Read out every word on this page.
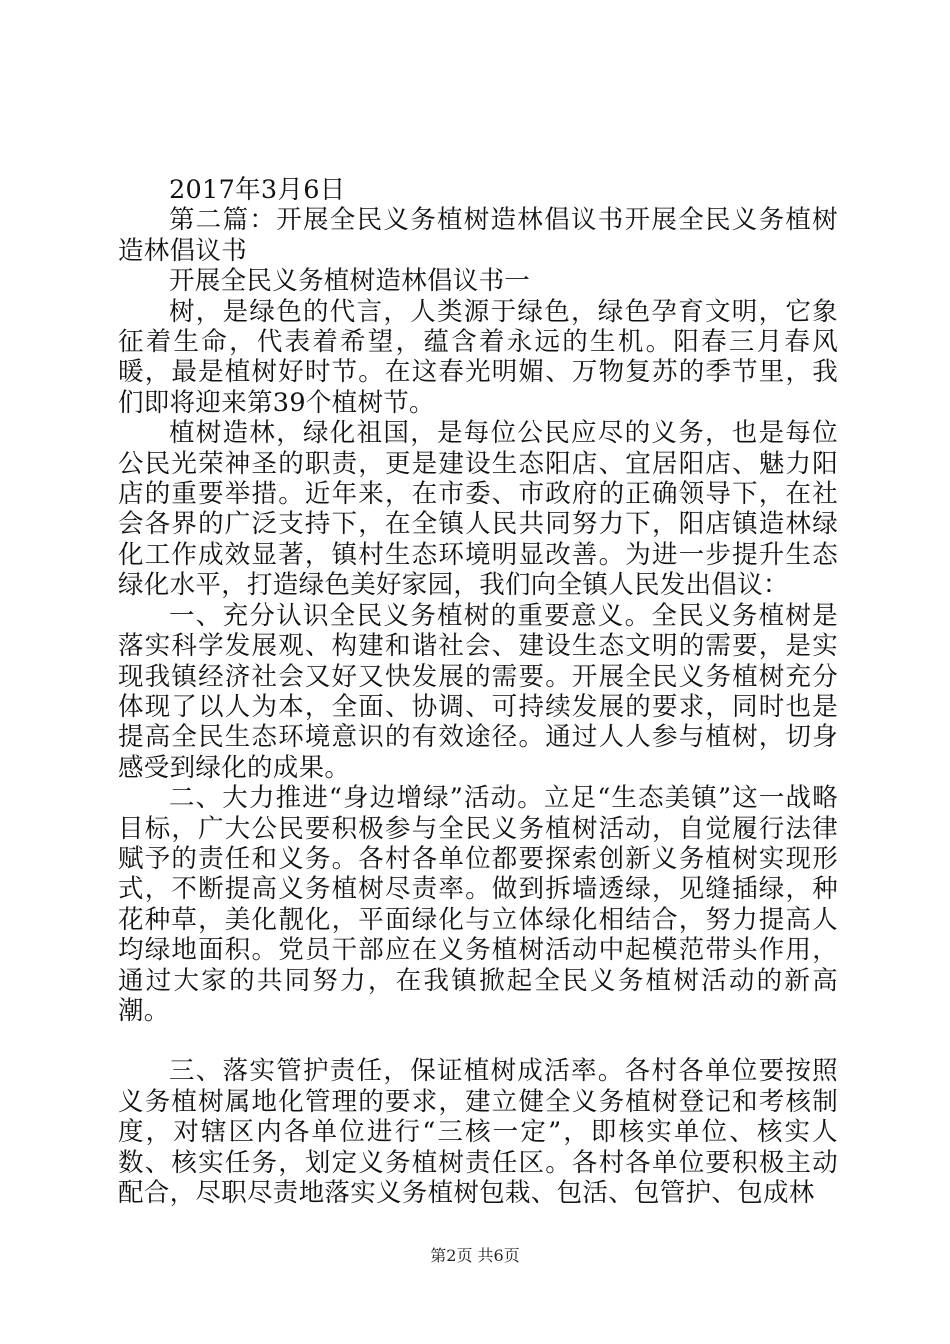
2017年3月6日

第二篇：开展全民义务植树造林倡议书开展全民义务植树造林倡议书

开展全民义务植树造林倡议书一

树，是绿色的代言，人类源于绿色，绿色孕育文明，它象征着生命，代表着希望，蕴含着永远的生机。阳春三月春风暖，最是植树好时节。在这春光明媚、万物复苏的季节里，我们即将迎来第39个植树节。

植树造林，绿化祖国，是每位公民应尽的义务，也是每位公民光荣神圣的职责，更是建设生态阳店、宜居阳店、魅力阳店的重要举措。近年来，在市委、市政府的正确领导下，在社会各界的广泛支持下，在全镇人民共同努力下，阳店镇造林绿化工作成效显著，镇村生态环境明显改善。为进一步提升生态绿化水平，打造绿色美好家园，我们向全镇人民发出倡议：

一、充分认识全民义务植树的重要意义。全民义务植树是落实科学发展观、构建和谐社会、建设生态文明的需要，是实现我镇经济社会又好又快发展的需要。开展全民义务植树充分体现了以人为本，全面、协调、可持续发展的要求，同时也是提高全民生态环境意识的有效途径。通过人人参与植树，切身感受到绿化的成果。

二、大力推进“身边增绿”活动。立足“生态美镇”这一战略目标，广大公民要积极参与全民义务植树活动，自觉履行法律赋予的责任和义务。各村各单位都要探索创新义务植树实现形式，不断提高义务植树尽责率。做到拆墙透绿，见缝插绿，种花种草，美化靓化，平面绿化与立体绿化相结合，努力提高人均绿地面积。党员干部应在义务植树活动中起模范带头作用，通过大家的共同努力，在我镇掀起全民义务植树活动的新高潮。

三、落实管护责任，保证植树成活率。各村各单位要按照义务植树属地化管理的要求，建立健全义务植树登记和考核制度，对辖区内各单位进行“三核一定”，即核实单位、核实人数、核实任务，划定义务植树责任区。各村各单位要积极主动配合，尽职尽责地落实义务植树包栽、包活、包管护、包成林

第2页 共6页
